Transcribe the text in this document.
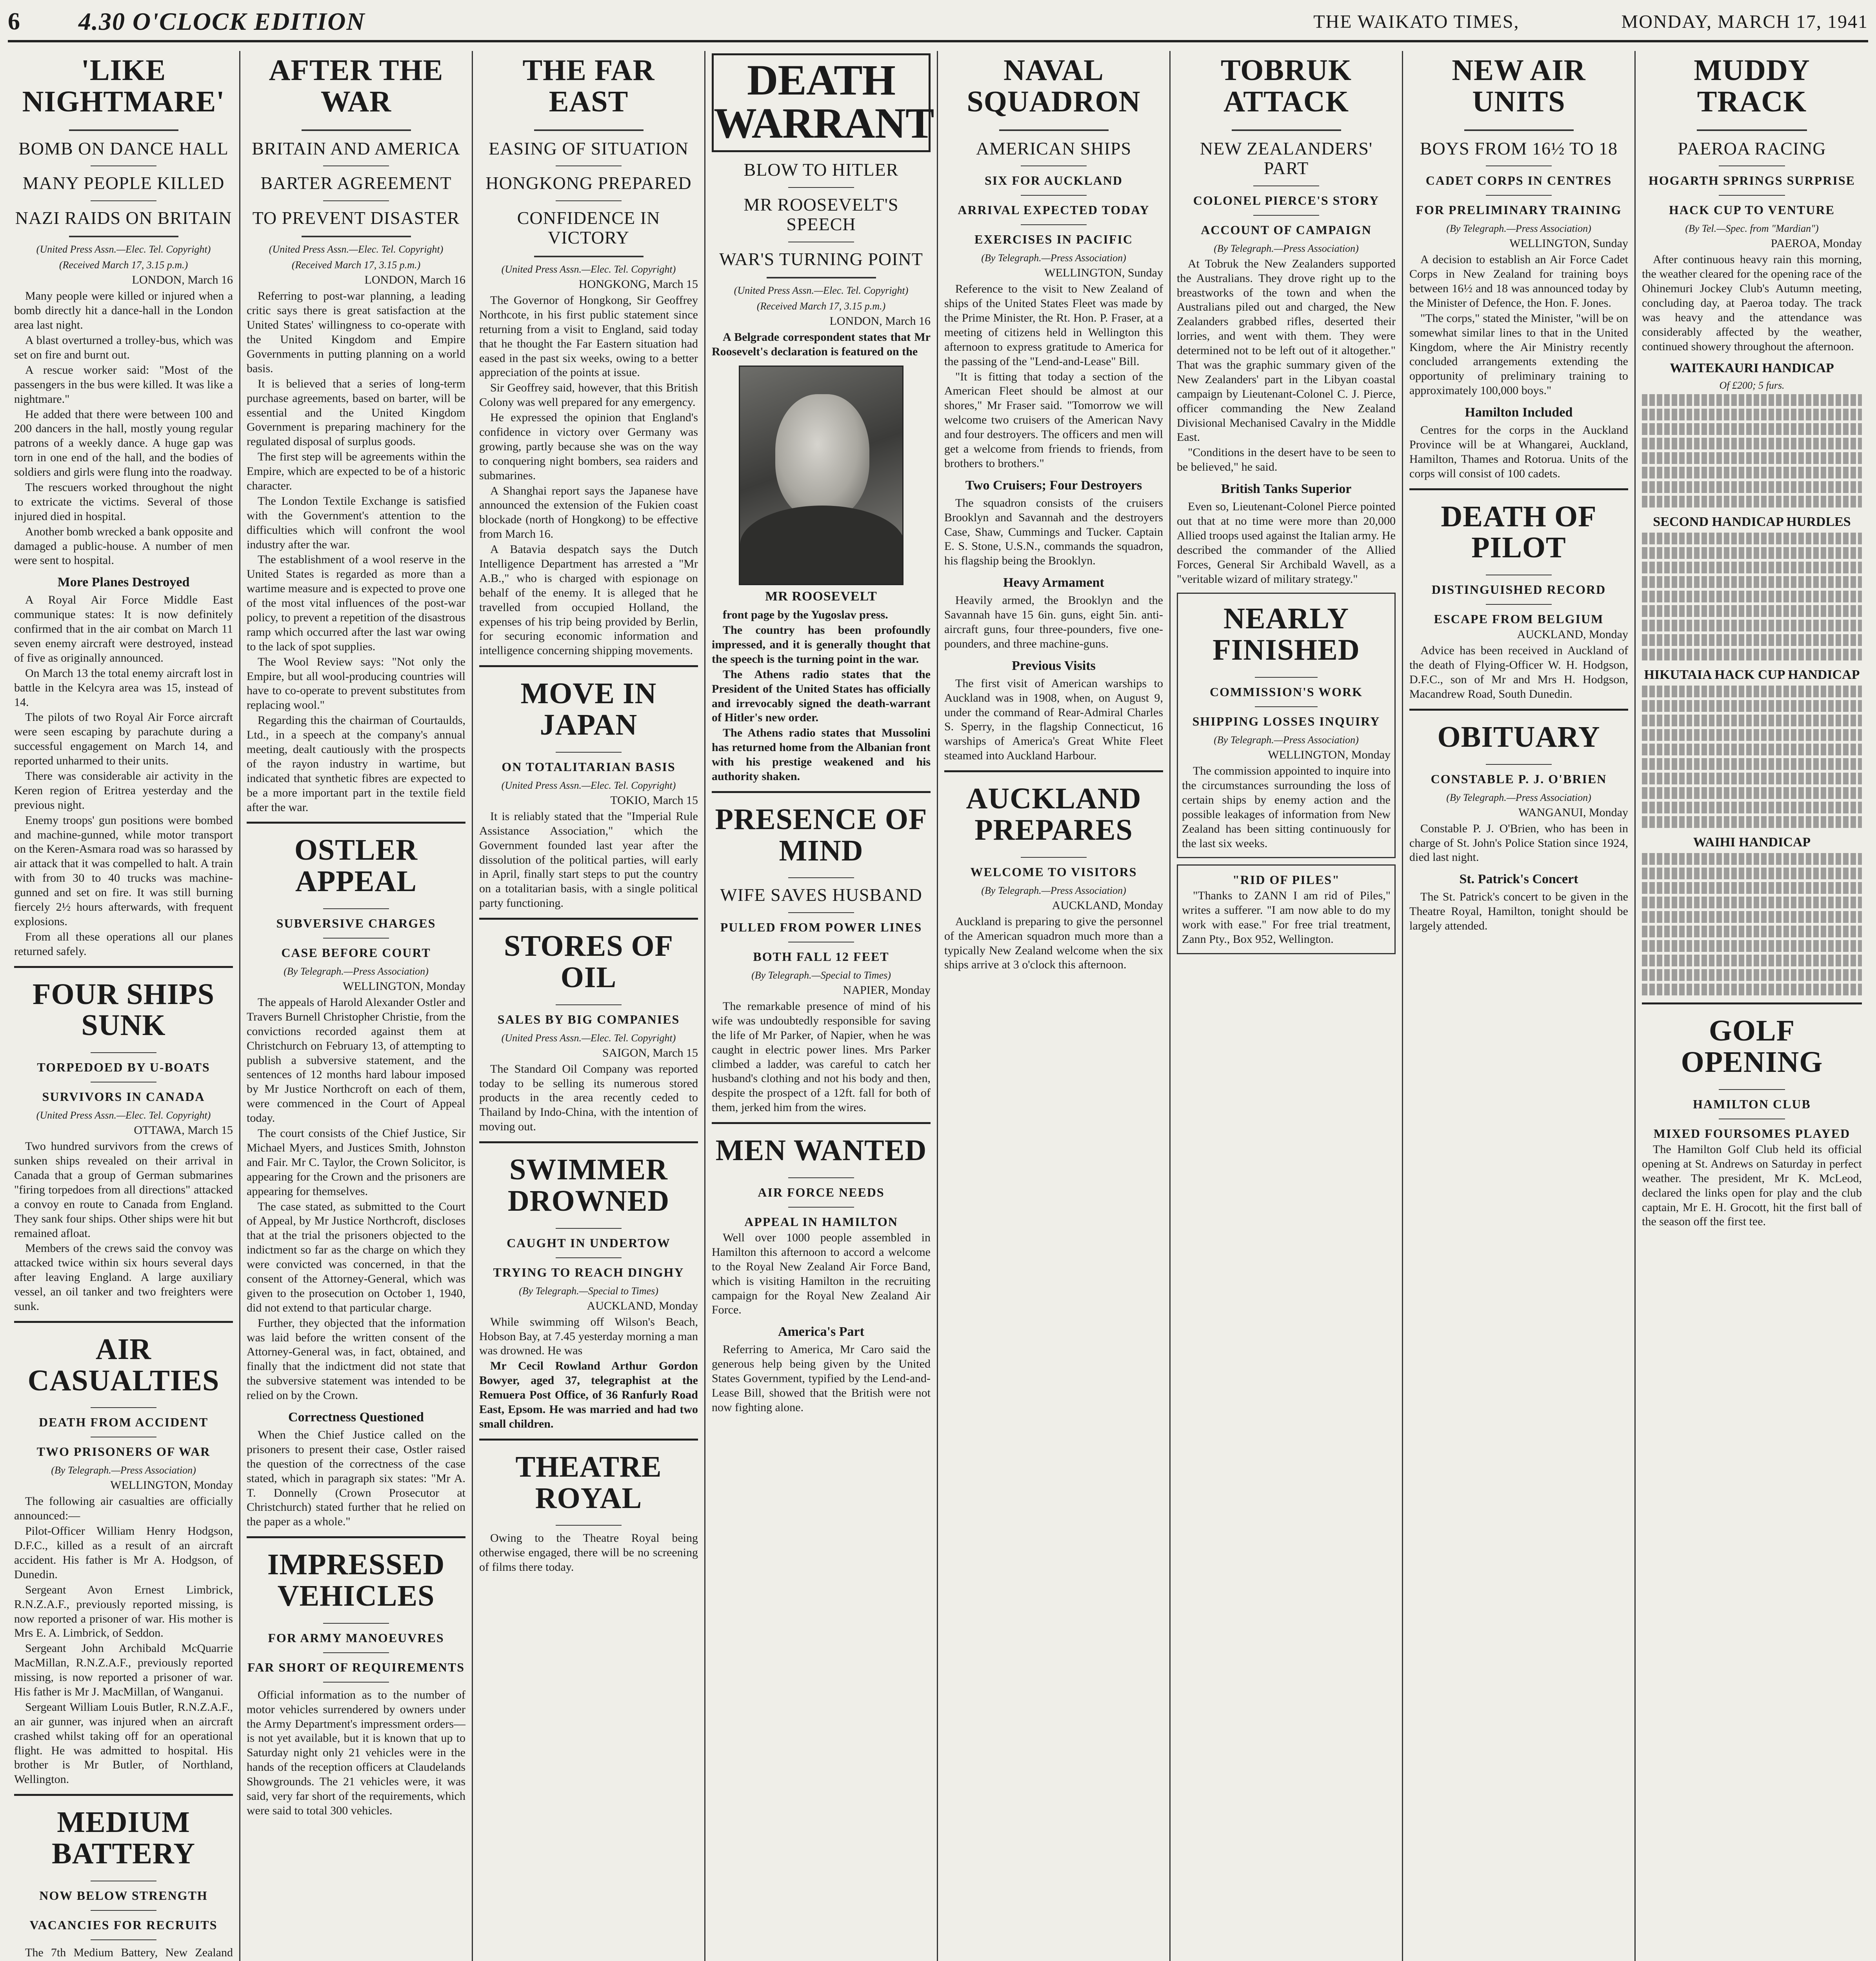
6	4.30 O'CLOCK EDITION	THE WAIKATO TIMES,	MONDAY, MARCH 17, 1941
'LIKE NIGHTMARE'
BOMB ON DANCE HALL
MANY PEOPLE KILLED
NAZI RAIDS ON BRITAIN
(United Press Assn.—Elec. Tel. Copyright)
(Received March 17, 3.15 p.m.)
LONDON, March 16

Many people were killed or injured when a bomb directly hit a dance-hall in the London area last night.

A blast overturned a trolley-bus, which was set on fire and burnt out.

A rescue worker said: "Most of the passengers in the bus were killed. It was like a nightmare."

He added that there were between 100 and 200 dancers in the hall, mostly young regular patrons of a weekly dance. A huge gap was torn in one end of the hall, and the bodies of soldiers and girls were flung into the roadway.

The rescuers worked throughout the night to extricate the victims. Several of those injured died in hospital.

Another bomb wrecked a bank opposite and damaged a public-house. A number of men were sent to hospital.

More Planes Destroyed

A Royal Air Force Middle East communique states: It is now definitely confirmed that in the air combat on March 11 seven enemy aircraft were destroyed, instead of five as originally announced.

On March 13 the total enemy aircraft lost in battle in the Kelcyra area was 15, instead of 14.

The pilots of two Royal Air Force aircraft were seen escaping by parachute during a successful engagement on March 14, and reported unharmed to their units.

There was considerable air activity in the Keren region of Eritrea yesterday and the previous night.

Enemy troops' gun positions were bombed and machine-gunned, while motor transport on the Keren-Asmara road was so harassed by air attack that it was compelled to halt. A train with from 30 to 40 trucks was machine-gunned and set on fire. It was still burning fiercely 2½ hours afterwards, with frequent explosions.

From all these operations all our planes returned safely.

FOUR SHIPS SUNK
TORPEDOED BY U-BOATS
SURVIVORS IN CANADA
(United Press Assn.—Elec. Tel. Copyright)
OTTAWA, March 15

Two hundred survivors from the crews of sunken ships revealed on their arrival in Canada that a group of German submarines "firing torpedoes from all directions" attacked a convoy en route to Canada from England. They sank four ships. Other ships were hit but remained afloat.

Members of the crews said the convoy was attacked twice within six hours several days after leaving England. A large auxiliary vessel, an oil tanker and two freighters were sunk.

AIR CASUALTIES
DEATH FROM ACCIDENT
TWO PRISONERS OF WAR
(By Telegraph.—Press Association)
WELLINGTON, Monday

The following air casualties are officially announced:—

Pilot-Officer William Henry Hodgson, D.F.C., killed as a result of an aircraft accident. His father is Mr A. Hodgson, of Dunedin.

Sergeant Avon Ernest Limbrick, R.N.Z.A.F., previously reported missing, is now reported a prisoner of war. His mother is Mrs E. A. Limbrick, of Seddon.

Sergeant John Archibald McQuarrie MacMillan, R.N.Z.A.F., previously reported missing, is now reported a prisoner of war. His father is Mr J. MacMillan, of Wanganui.

Sergeant William Louis Butler, R.N.Z.A.F., an air gunner, was injured when an aircraft crashed whilst taking off for an operational flight. He was admitted to hospital. His brother is Mr Butler, of Northland, Wellington.

MEDIUM BATTERY
NOW BELOW STRENGTH
VACANCIES FOR RECRUITS

The 7th Medium Battery, New Zealand

AFTER THE WAR
BRITAIN AND AMERICA
BARTER AGREEMENT
TO PREVENT DISASTER
(United Press Assn.—Elec. Tel. Copyright)
(Received March 17, 3.15 p.m.)
LONDON, March 16

Referring to post-war planning, a leading critic says there is great satisfaction at the United States' willingness to co-operate with the United Kingdom and Empire Governments in putting planning on a world basis.

It is believed that a series of long-term purchase agreements, based on barter, will be essential and the United Kingdom Government is preparing machinery for the regulated disposal of surplus goods.

The first step will be agreements within the Empire, which are expected to be of a historic character.

The London Textile Exchange is satisfied with the Government's attention to the difficulties which will confront the wool industry after the war.

The establishment of a wool reserve in the United States is regarded as more than a wartime measure and is expected to prove one of the most vital influences of the post-war policy, to prevent a repetition of the disastrous ramp which occurred after the last war owing to the lack of spot supplies.

The Wool Review says: "Not only the Empire, but all wool-producing countries will have to co-operate to prevent substitutes from replacing wool."

Regarding this the chairman of Courtaulds, Ltd., in a speech at the company's annual meeting, dealt cautiously with the prospects of the rayon industry in wartime, but indicated that synthetic fibres are expected to be a more important part in the textile field after the war.

OSTLER APPEAL
SUBVERSIVE CHARGES
CASE BEFORE COURT
(By Telegraph.—Press Association)
WELLINGTON, Monday

The appeals of Harold Alexander Ostler and Travers Burnell Christopher Christie, from the convictions recorded against them at Christchurch on February 13, of attempting to publish a subversive statement, and the sentences of 12 months hard labour imposed by Mr Justice Northcroft on each of them, were commenced in the Court of Appeal today.

The court consists of the Chief Justice, Sir Michael Myers, and Justices Smith, Johnston and Fair. Mr C. Taylor, the Crown Solicitor, is appearing for the Crown and the prisoners are appearing for themselves.

The case stated, as submitted to the Court of Appeal, by Mr Justice Northcroft, discloses that at the trial the prisoners objected to the indictment so far as the charge on which they were convicted was concerned, in that the consent of the Attorney-General, which was given to the prosecution on October 1, 1940, did not extend to that particular charge.

Further, they objected that the information was laid before the written consent of the Attorney-General was, in fact, obtained, and finally that the indictment did not state that the subversive statement was intended to be relied on by the Crown.

Correctness Questioned

When the Chief Justice called on the prisoners to present their case, Ostler raised the question of the correctness of the case stated, which in paragraph six states: "Mr A. T. Donnelly (Crown Prosecutor at Christchurch) stated further that he relied on the paper as a whole."

IMPRESSED VEHICLES
FOR ARMY MANOEUVRES
FAR SHORT OF REQUIREMENTS

Official information as to the number of motor vehicles surrendered by owners under the Army Department's impressment orders—is not yet available, but it is known that up to Saturday night only 21 vehicles were in the hands of the reception officers at Claudelands Showgrounds. The 21 vehicles were, it was said, very far short of the requirements, which were said to total 300 vehicles.

THE FAR EAST
EASING OF SITUATION
HONGKONG PREPARED
CONFIDENCE IN VICTORY
(United Press Assn.—Elec. Tel. Copyright)
HONGKONG, March 15

The Governor of Hongkong, Sir Geoffrey Northcote, in his first public statement since returning from a visit to England, said today that he thought the Far Eastern situation had eased in the past six weeks, owing to a better appreciation of the points at issue.

Sir Geoffrey said, however, that this British Colony was well prepared for any emergency.

He expressed the opinion that England's confidence in victory over Germany was growing, partly because she was on the way to conquering night bombers, sea raiders and submarines.

A Shanghai report says the Japanese have announced the extension of the Fukien coast blockade (north of Hongkong) to be effective from March 16.

A Batavia despatch says the Dutch Intelligence Department has arrested a "Mr A.B.," who is charged with espionage on behalf of the enemy. It is alleged that he travelled from occupied Holland, the expenses of his trip being provided by Berlin, for securing economic information and intelligence concerning shipping movements.

MOVE IN JAPAN
ON TOTALITARIAN BASIS
(United Press Assn.—Elec. Tel. Copyright)
TOKIO, March 15

It is reliably stated that the "Imperial Rule Assistance Association," which the Government founded last year after the dissolution of the political parties, will early in April, finally start steps to put the country on a totalitarian basis, with a single political party functioning.

STORES OF OIL
SALES BY BIG COMPANIES
(United Press Assn.—Elec. Tel. Copyright)
SAIGON, March 15

The Standard Oil Company was reported today to be selling its numerous stored products in the area recently ceded to Thailand by Indo-China, with the intention of moving out.

SWIMMER DROWNED
CAUGHT IN UNDERTOW
TRYING TO REACH DINGHY
(By Telegraph.—Special to Times)
AUCKLAND, Monday

While swimming off Wilson's Beach, Hobson Bay, at 7.45 yesterday morning a man was drowned. He was

Mr Cecil Rowland Arthur Gordon Bowyer, aged 37, telegraphist at the Remuera Post Office, of 36 Ranfurly Road East, Epsom. He was married and had two small children.

THEATRE ROYAL

Owing to the Theatre Royal being otherwise engaged, there will be no screening of films there today.

DEATH WARRANT
BLOW TO HITLER
MR ROOSEVELT'S SPEECH
WAR'S TURNING POINT
(United Press Assn.—Elec. Tel. Copyright)
(Received March 17, 3.15 p.m.)
LONDON, March 16

A Belgrade correspondent states that Mr Roosevelt's declaration is featured on the

MR ROOSEVELT

front page by the Yugoslav press.

The country has been profoundly impressed, and it is generally thought that the speech is the turning point in the war.

The Athens radio states that the President of the United States has officially and irrevocably signed the death-warrant of Hitler's new order.

The Athens radio states that Mussolini has returned home from the Albanian front with his prestige weakened and his authority shaken.

PRESENCE OF MIND
WIFE SAVES HUSBAND
PULLED FROM POWER LINES
BOTH FALL 12 FEET
(By Telegraph.—Special to Times)
NAPIER, Monday

The remarkable presence of mind of his wife was undoubtedly responsible for saving the life of Mr Parker, of Napier, when he was caught in electric power lines. Mrs Parker climbed a ladder, was careful to catch her husband's clothing and not his body and then, despite the prospect of a 12ft. fall for both of them, jerked him from the wires.

MEN WANTED
AIR FORCE NEEDS
APPEAL IN HAMILTON

Well over 1000 people assembled in Hamilton this afternoon to accord a welcome to the Royal New Zealand Air Force Band, which is visiting Hamilton in the recruiting campaign for the Royal New Zealand Air Force.

America's Part

Referring to America, Mr Caro said the generous help being given by the United States Government, typified by the Lend-and-Lease Bill, showed that the British were not now fighting alone.

NAVAL SQUADRON
AMERICAN SHIPS
SIX FOR AUCKLAND
ARRIVAL EXPECTED TODAY
EXERCISES IN PACIFIC
(By Telegraph.—Press Association)
WELLINGTON, Sunday

Reference to the visit to New Zealand of ships of the United States Fleet was made by the Prime Minister, the Rt. Hon. P. Fraser, at a meeting of citizens held in Wellington this afternoon to express gratitude to America for the passing of the "Lend-and-Lease" Bill.

"It is fitting that today a section of the American Fleet should be almost at our shores," Mr Fraser said. "Tomorrow we will welcome two cruisers of the American Navy and four destroyers. The officers and men will get a welcome from friends to friends, from brothers to brothers."

Two Cruisers; Four Destroyers

The squadron consists of the cruisers Brooklyn and Savannah and the destroyers Case, Shaw, Cummings and Tucker. Captain E. S. Stone, U.S.N., commands the squadron, his flagship being the Brooklyn.

Heavy Armament

Heavily armed, the Brooklyn and the Savannah have 15 6in. guns, eight 5in. anti-aircraft guns, four three-pounders, five one-pounders, and three machine-guns.

Previous Visits

The first visit of American warships to Auckland was in 1908, when, on August 9, under the command of Rear-Admiral Charles S. Sperry, in the flagship Connecticut, 16 warships of America's Great White Fleet steamed into Auckland Harbour.

AUCKLAND PREPARES
WELCOME TO VISITORS
(By Telegraph.—Press Association)
AUCKLAND, Monday

Auckland is preparing to give the personnel of the American squadron much more than a typically New Zealand welcome when the six ships arrive at 3 o'clock this afternoon.

TOBRUK ATTACK
NEW ZEALANDERS' PART
COLONEL PIERCE'S STORY
ACCOUNT OF CAMPAIGN
(By Telegraph.—Press Association)

At Tobruk the New Zealanders supported the Australians. They drove right up to the breastworks of the town and when the Australians piled out and charged, the New Zealanders grabbed rifles, deserted their lorries, and went with them. They were determined not to be left out of it altogether." That was the graphic summary given of the New Zealanders' part in the Libyan coastal campaign by Lieutenant-Colonel C. J. Pierce, officer commanding the New Zealand Divisional Mechanised Cavalry in the Middle East.

"Conditions in the desert have to be seen to be believed," he said.

British Tanks Superior

Even so, Lieutenant-Colonel Pierce pointed out that at no time were more than 20,000 Allied troops used against the Italian army. He described the commander of the Allied Forces, General Sir Archibald Wavell, as a "veritable wizard of military strategy."

NEARLY FINISHED
COMMISSION'S WORK
SHIPPING LOSSES INQUIRY
(By Telegraph.—Press Association)
WELLINGTON, Monday

The commission appointed to inquire into the circumstances surrounding the loss of certain ships by enemy action and the possible leakages of information from New Zealand has been sitting continuously for the last six weeks.

"RID OF PILES"

"Thanks to ZANN I am rid of Piles," writes a sufferer. "I am now able to do my work with ease." For free trial treatment, Zann Pty., Box 952, Wellington.

NEW AIR UNITS
BOYS FROM 16½ TO 18
CADET CORPS IN CENTRES
FOR PRELIMINARY TRAINING
(By Telegraph.—Press Association)
WELLINGTON, Sunday

A decision to establish an Air Force Cadet Corps in New Zealand for training boys between 16½ and 18 was announced today by the Minister of Defence, the Hon. F. Jones.

"The corps," stated the Minister, "will be on somewhat similar lines to that in the United Kingdom, where the Air Ministry recently concluded arrangements extending the opportunity of preliminary training to approximately 100,000 boys."

Hamilton Included

Centres for the corps in the Auckland Province will be at Whangarei, Auckland, Hamilton, Thames and Rotorua. Units of the corps will consist of 100 cadets.

DEATH OF PILOT
DISTINGUISHED RECORD
ESCAPE FROM BELGIUM
AUCKLAND, Monday

Advice has been received in Auckland of the death of Flying-Officer W. H. Hodgson, D.F.C., son of Mr and Mrs H. Hodgson, Macandrew Road, South Dunedin.

OBITUARY
CONSTABLE P. J. O'BRIEN
(By Telegraph.—Press Association)
WANGANUI, Monday

Constable P. J. O'Brien, who has been in charge of St. John's Police Station since 1924, died last night.

St. Patrick's Concert

The St. Patrick's concert to be given in the Theatre Royal, Hamilton, tonight should be largely attended.

MUDDY TRACK
PAEROA RACING
HOGARTH SPRINGS SURPRISE
HACK CUP TO VENTURE
(By Tel.—Spec. from "Mardian")
PAEROA, Monday

After continuous heavy rain this morning, the weather cleared for the opening race of the Ohinemuri Jockey Club's Autumn meeting, concluding day, at Paeroa today. The track was heavy and the attendance was considerably affected by the weather, continued showery throughout the afternoon.

WAITEKAURI HANDICAP
Of £200; 5 furs.
SECOND HANDICAP HURDLES
HIKUTAIA HACK CUP HANDICAP
WAIHI HANDICAP
GOLF OPENING
HAMILTON CLUB
MIXED FOURSOMES PLAYED

The Hamilton Golf Club held its official opening at St. Andrews on Saturday in perfect weather. The president, Mr K. McLeod, declared the links open for play and the club captain, Mr E. H. Grocott, hit the first ball of the season off the first tee.
